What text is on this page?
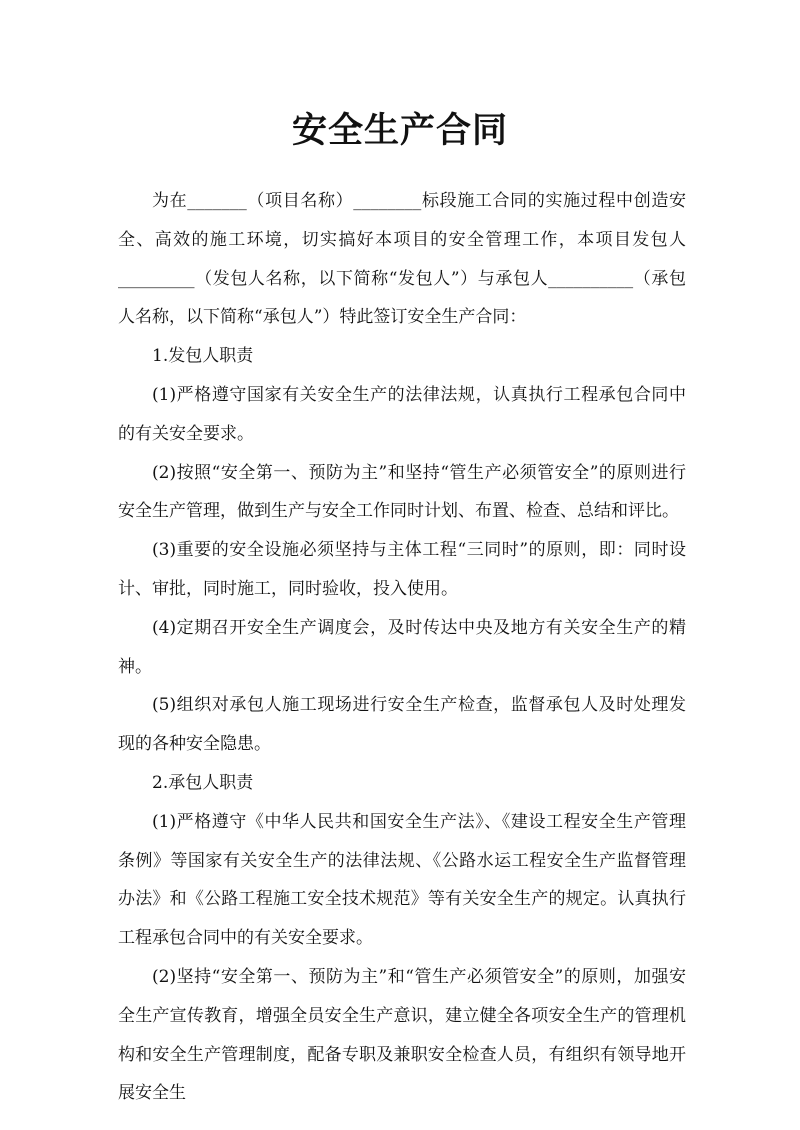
安全生产合同

为在_______（项目名称）________标段施工合同的实施过程中创造安全、高效的施工环境，切实搞好本项目的安全管理工作，本项目发包人_________（发包人名称，以下简称“发包人”）与承包人__________（承包人名称，以下简称“承包人”）特此签订安全生产合同：

1.发包人职责

(1)严格遵守国家有关安全生产的法律法规，认真执行工程承包合同中的有关安全要求。

(2)按照“安全第一、预防为主”和坚持“管生产必须管安全”的原则进行安全生产管理，做到生产与安全工作同时计划、布置、检查、总结和评比。

(3)重要的安全设施必须坚持与主体工程“三同时”的原则，即：同时设计、审批，同时施工，同时验收，投入使用。

(4)定期召开安全生产调度会，及时传达中央及地方有关安全生产的精神。

(5)组织对承包人施工现场进行安全生产检查，监督承包人及时处理发现的各种安全隐患。

2.承包人职责

(1)严格遵守《中华人民共和国安全生产法》、《建设工程安全生产管理条例》等国家有关安全生产的法律法规、《公路水运工程安全生产监督管理办法》和《公路工程施工安全技术规范》等有关安全生产的规定。认真执行工程承包合同中的有关安全要求。

(2)坚持“安全第一、预防为主”和“管生产必须管安全”的原则，加强安全生产宣传教育，增强全员安全生产意识，建立健全各项安全生产的管理机构和安全生产管理制度，配备专职及兼职安全检查人员，有组织有领导地开展安全生
